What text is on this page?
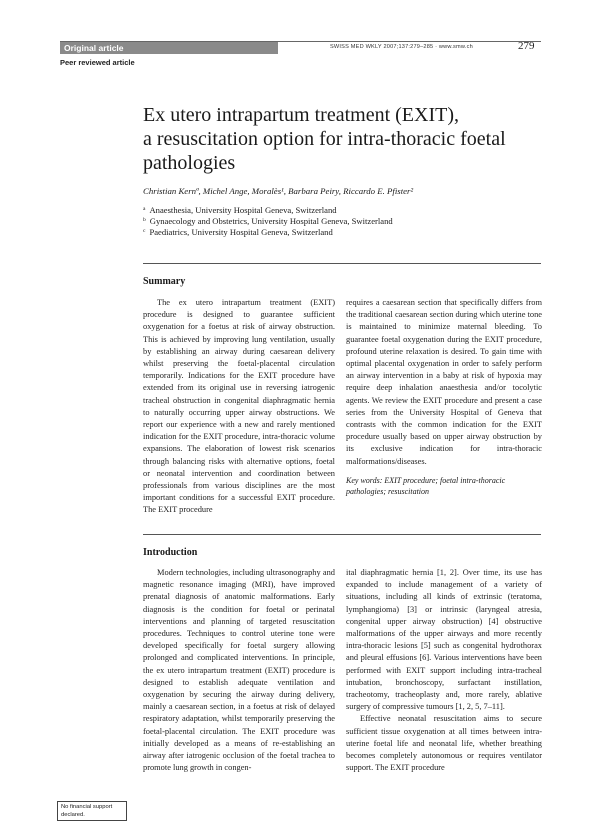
Original article	SWISS MED WKLY 2007;137:279–285 · www.smw.ch	279
Peer reviewed article
Ex utero intrapartum treatment (EXIT),
a resuscitation option for intra-thoracic foetal
pathologies
Christian Kernª, Michel Ange, Moralès¹, Barbara Peiry, Riccardo E. Pfister²
$^a$ Anaesthesia, University Hospital Geneva, Switzerland
$^b$ Gynaecology and Obstetrics, University Hospital Geneva, Switzerland
$^c$ Paediatrics, University Hospital Geneva, Switzerland
Summary

The ex utero intrapartum treatment (EXIT) procedure is designed to guarantee sufficient oxygenation for a foetus at risk of airway obstruction. This is achieved by improving lung ventilation, usually by establishing an airway during caesarean delivery whilst preserving the foetal-placental circulation temporarily. Indications for the EXIT procedure have extended from its original use in reversing iatrogenic tracheal obstruction in congenital diaphragmatic hernia to naturally occurring upper airway obstructions. We report our experience with a new and rarely mentioned indication for the EXIT procedure, intra-thoracic volume expansions. The elaboration of lowest risk scenarios through balancing risks with alternative options, foetal or neonatal intervention and coordination between professionals from various disciplines are the most important conditions for a successful EXIT procedure. The EXIT procedure

requires a caesarean section that specifically differs from the traditional caesarean section during which uterine tone is maintained to minimize maternal bleeding. To guarantee foetal oxygenation during the EXIT procedure, profound uterine relaxation is desired. To gain time with optimal placental oxygenation in order to safely perform an airway intervention in a baby at risk of hypoxia may require deep inhalation anaesthesia and/or tocolytic agents. We review the EXIT procedure and present a case series from the University Hospital of Geneva that contrasts with the common indication for the EXIT procedure usually based on upper airway obstruction by its exclusive indication for intra-thoracic malformations/diseases.

Key words: EXIT procedure; foetal intra-thoracic pathologies; resuscitation
Introduction

Modern technologies, including ultrasonography and magnetic resonance imaging (MRI), have improved prenatal diagnosis of anatomic malformations. Early diagnosis is the condition for foetal or perinatal interventions and planning of targeted resuscitation procedures. Techniques to control uterine tone were developed specifically for foetal surgery allowing prolonged and complicated interventions. In principle, the ex utero intrapartum treatment (EXIT) procedure is designed to establish adequate ventilation and oxygenation by securing the airway during delivery, mainly a caesarean section, in a foetus at risk of delayed respiratory adaptation, whilst temporarily preserving the foetal-placental circulation. The EXIT procedure was initially developed as a means of re-establishing an airway after iatrogenic occlusion of the foetal trachea to promote lung growth in congen-

ital diaphragmatic hernia [1, 2]. Over time, its use has expanded to include management of a variety of situations, including all kinds of extrinsic (teratoma, lymphangioma) [3] or intrinsic (laryngeal atresia, congenital upper airway obstruction) [4] obstructive malformations of the upper airways and more recently intra-thoracic lesions [5] such as congenital hydrothorax and pleural effusions [6]. Various interventions have been performed with EXIT support including intra-tracheal intubation, bronchoscopy, surfactant instillation, tracheotomy, tracheoplasty and, more rarely, ablative surgery of compressive tumours [1, 2, 5, 7–11].

Effective neonatal resuscitation aims to secure sufficient tissue oxygenation at all times between intra-uterine foetal life and neonatal life, whether breathing becomes completely autonomous or requires ventilator support. The EXIT procedure

No financial support declared.
